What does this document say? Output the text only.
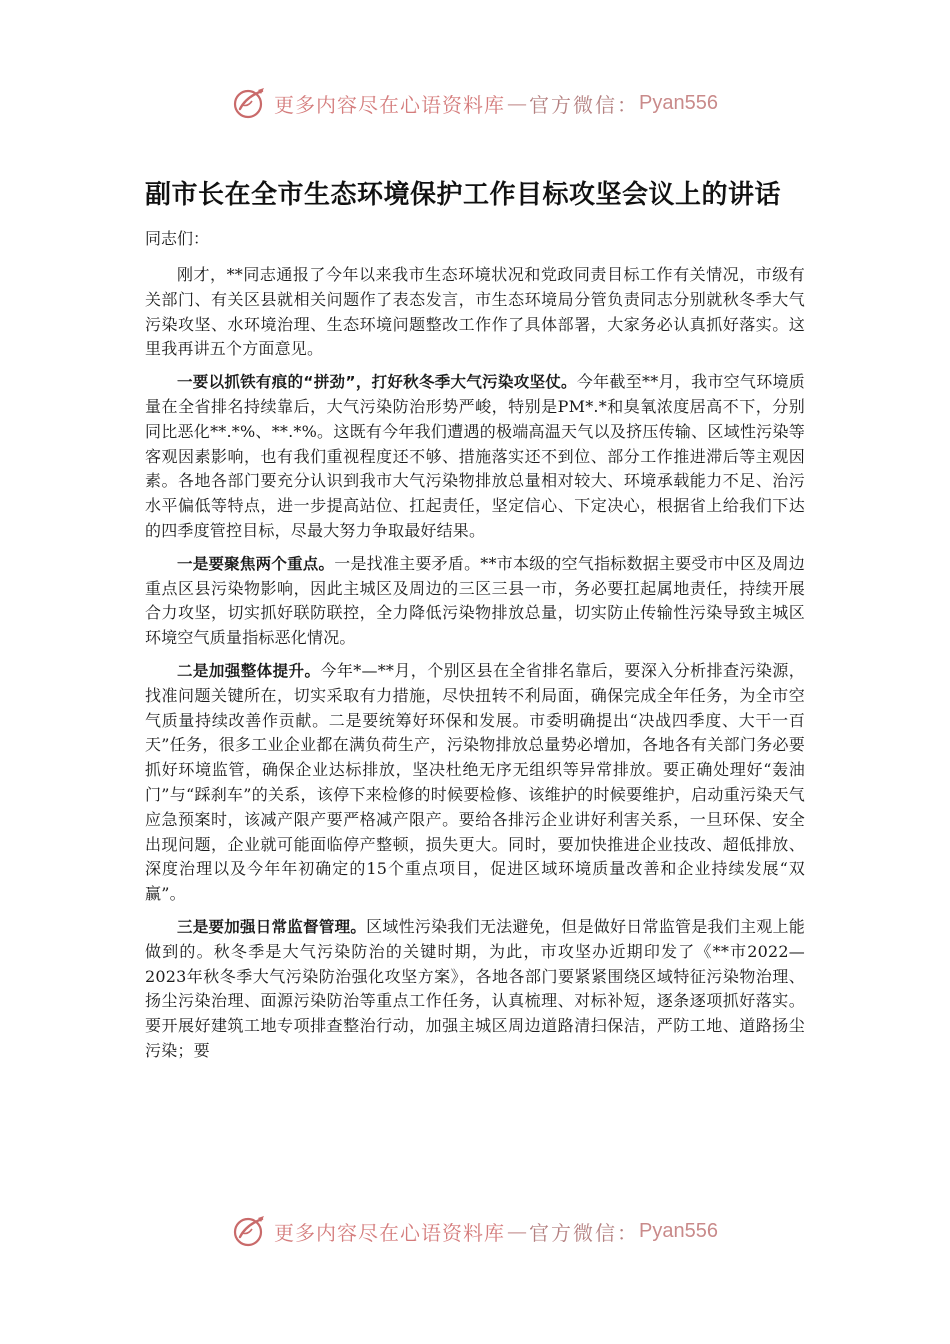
更多内容尽在心语资料库 — 官方微信： Pyan556
副市长在全市生态环境保护工作目标攻坚会议上的讲话

同志们：

刚才，**同志通报了今年以来我市生态环境状况和党政同责目标工作有关情况，市级有关部门、有关区县就相关问题作了表态发言，市生态环境局分管负责同志分别就秋冬季大气污染攻坚、水环境治理、生态环境问题整改工作作了具体部署，大家务必认真抓好落实。这里我再讲五个方面意见。

一要以抓铁有痕的“拼劲”，打好秋冬季大气污染攻坚仗。今年截至**月，我市空气环境质量在全省排名持续靠后，大气污染防治形势严峻，特别是PM*.*和臭氧浓度居高不下，分别同比恶化**.*%、**.*%。这既有今年我们遭遇的极端高温天气以及挤压传输、区域性污染等客观因素影响，也有我们重视程度还不够、措施落实还不到位、部分工作推进滞后等主观因素。各地各部门要充分认识到我市大气污染物排放总量相对较大、环境承载能力不足、治污水平偏低等特点，进一步提高站位、扛起责任，坚定信心、下定决心，根据省上给我们下达的四季度管控目标，尽最大努力争取最好结果。

一是要聚焦两个重点。一是找准主要矛盾。**市本级的空气指标数据主要受市中区及周边重点区县污染物影响，因此主城区及周边的三区三县一市，务必要扛起属地责任，持续开展合力攻坚，切实抓好联防联控，全力降低污染物排放总量，切实防止传输性污染导致主城区环境空气质量指标恶化情况。

二是加强整体提升。今年*—**月，个别区县在全省排名靠后，要深入分析排查污染源，找准问题关键所在，切实采取有力措施，尽快扭转不利局面，确保完成全年任务，为全市空气质量持续改善作贡献。二是要统筹好环保和发展。市委明确提出“决战四季度、大干一百天”任务，很多工业企业都在满负荷生产，污染物排放总量势必增加，各地各有关部门务必要抓好环境监管，确保企业达标排放，坚决杜绝无序无组织等异常排放。要正确处理好“轰油门”与“踩刹车”的关系，该停下来检修的时候要检修、该维护的时候要维护，启动重污染天气应急预案时，该减产限产要严格减产限产。要给各排污企业讲好利害关系，一旦环保、安全出现问题，企业就可能面临停产整顿，损失更大。同时，要加快推进企业技改、超低排放、深度治理以及今年年初确定的15个重点项目，促进区域环境质量改善和企业持续发展“双赢”。

三是要加强日常监督管理。区域性污染我们无法避免，但是做好日常监管是我们主观上能做到的。秋冬季是大气污染防治的关键时期，为此，市攻坚办近期印发了《**市2022—2023年秋冬季大气污染防治强化攻坚方案》，各地各部门要紧紧围绕区域特征污染物治理、扬尘污染治理、面源污染防治等重点工作任务，认真梳理、对标补短，逐条逐项抓好落实。要开展好建筑工地专项排查整治行动，加强主城区周边道路清扫保洁，严防工地、道路扬尘污染；要

更多内容尽在心语资料库 — 官方微信： Pyan556
